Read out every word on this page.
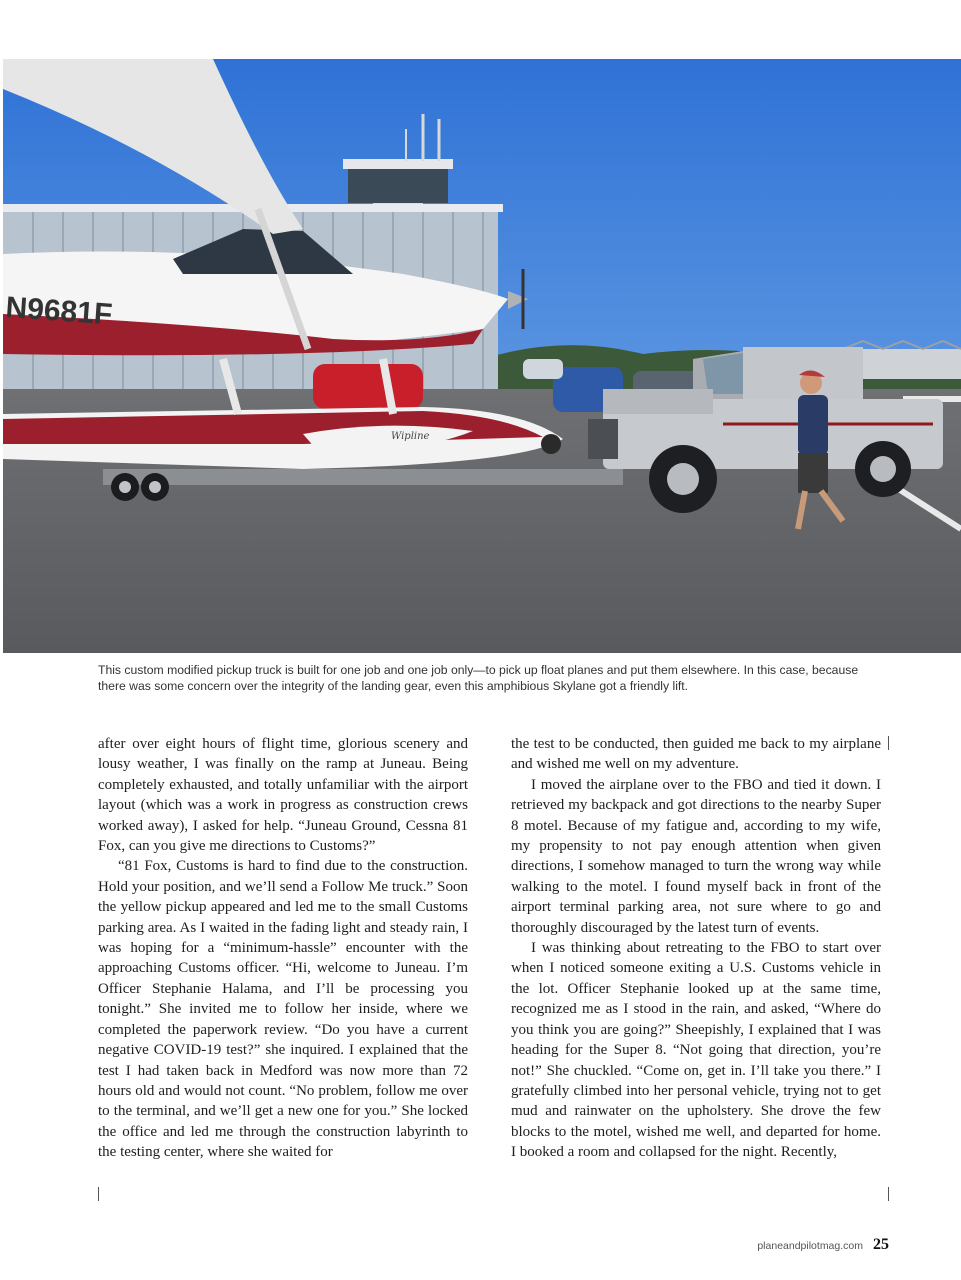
N9681F
Wipline

This custom modified pickup truck is built for one job and one job only—to pick up float planes and put them elsewhere. In this case, because there was some concern over the integrity of the landing gear, even this amphibious Skylane got a friendly lift.

after over eight hours of flight time, glorious scenery and lousy weather, I was finally on the ramp at Juneau. Being completely exhausted, and totally unfamiliar with the airport layout (which was a work in progress as construction crews worked away), I asked for help. “Juneau Ground, Cessna 81 Fox, can you give me directions to Customs?”

“81 Fox, Customs is hard to find due to the construction. Hold your position, and we’ll send a Follow Me truck.” Soon the yellow pickup appeared and led me to the small Customs parking area. As I waited in the fading light and steady rain, I was hoping for a “minimum-hassle” encounter with the approaching Customs officer. “Hi, welcome to Juneau. I’m Officer Stephanie Halama, and I’ll be processing you tonight.” She invited me to follow her inside, where we completed the paperwork review. “Do you have a current negative COVID-19 test?” she inquired. I explained that the test I had taken back in Medford was now more than 72 hours old and would not count. “No problem, follow me over to the terminal, and we’ll get a new one for you.” She locked the office and led me through the construction labyrinth to the testing center, where she waited for

the test to be conducted, then guided me back to my airplane and wished me well on my adventure.

I moved the airplane over to the FBO and tied it down. I retrieved my backpack and got directions to the nearby Super 8 motel. Because of my fatigue and, according to my wife, my propensity to not pay enough attention when given directions, I somehow managed to turn the wrong way while walking to the motel. I found myself back in front of the airport terminal parking area, not sure where to go and thoroughly discouraged by the latest turn of events.

I was thinking about retreating to the FBO to start over when I noticed someone exiting a U.S. Customs vehicle in the lot. Officer Stephanie looked up at the same time, recognized me as I stood in the rain, and asked, “Where do you think you are going?” Sheepishly, I explained that I was heading for the Super 8. “Not going that direction, you’re not!” She chuckled. “Come on, get in. I’ll take you there.” I gratefully climbed into her personal vehicle, trying not to get mud and rainwater on the upholstery. She drove the few blocks to the motel, wished me well, and departed for home. I booked a room and collapsed for the night. Recently,

planeandpilotmag.com 25
